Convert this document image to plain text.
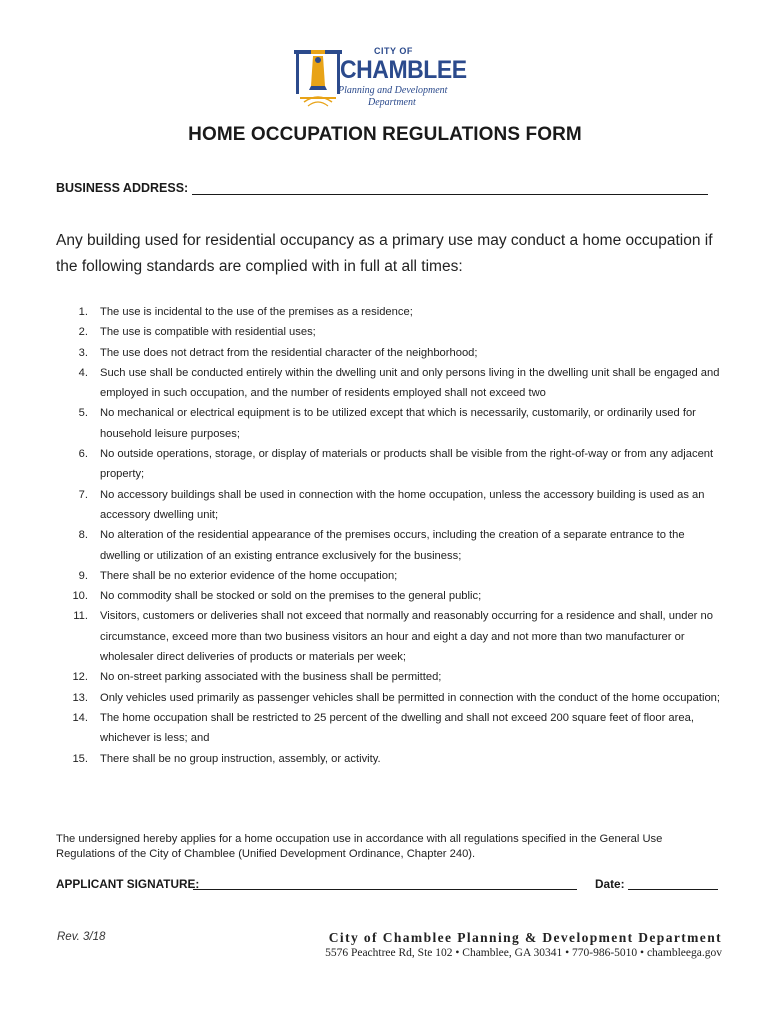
CITY OF
CHAMBLEE
Planning and Development
Department
HOME OCCUPATION REGULATIONS FORM
BUSINESS ADDRESS:
Any building used for residential occupancy as a primary use may conduct a home occupation if the following standards are complied with in full at all times:
1.	The use is incidental to the use of the premises as a residence;
2.	The use is compatible with residential uses;
3.	The use does not detract from the residential character of the neighborhood;
4.	Such use shall be conducted entirely within the dwelling unit and only persons living in the dwelling unit shall be engaged and employed in such occupation, and the number of residents employed shall not exceed two
5.	No mechanical or electrical equipment is to be utilized except that which is necessarily, customarily, or ordinarily used for household leisure purposes;
6.	No outside operations, storage, or display of materials or products shall be visible from the right-of-way or from any adjacent property;
7.	No accessory buildings shall be used in connection with the home occupation, unless the accessory building is used as an accessory dwelling unit;
8.	No alteration of the residential appearance of the premises occurs, including the creation of a separate entrance to the dwelling or utilization of an existing entrance exclusively for the business;
9.	There shall be no exterior evidence of the home occupation;
10.	No commodity shall be stocked or sold on the premises to the general public;
11.	Visitors, customers or deliveries shall not exceed that normally and reasonably occurring for a residence and shall, under no circumstance, exceed more than two business visitors an hour and eight a day and not more than two manufacturer or wholesaler direct deliveries of products or materials per week;
12.	No on-street parking associated with the business shall be permitted;
13.	Only vehicles used primarily as passenger vehicles shall be permitted in connection with the conduct of the home occupation;
14.	The home occupation shall be restricted to 25 percent of the dwelling and shall not exceed 200 square feet of floor area, whichever is less; and
15.	There shall be no group instruction, assembly, or activity.
The undersigned hereby applies for a home occupation use in accordance with all regulations specified in the General Use Regulations of the City of Chamblee (Unified Development Ordinance, Chapter 240).
APPLICANT SIGNATURE:	Date:
Rev. 3/18	City of Chamblee Planning & Development Department
5576 Peachtree Rd, Ste 102 • Chamblee, GA 30341 • 770-986-5010 • chambleega.gov
